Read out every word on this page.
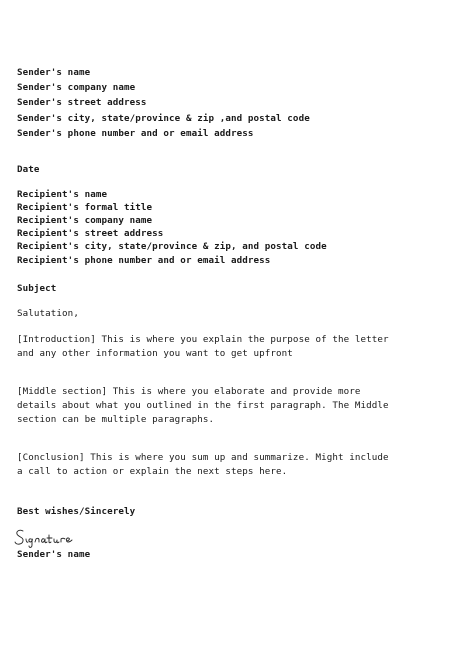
Sender's name
Sender's company name
Sender's street address
Sender's city, state/province & zip ,and postal code
Sender's phone number and or email address
Date
Recipient's name
Recipient's formal title
Recipient's company name
Recipient's street address
Recipient's city, state/province & zip, and postal code
Recipient's phone number and or email address
Subject
Salutation,
[Introduction] This is where you explain the purpose of the letter
and any other information you want to get upfront
[Middle section] This is where you elaborate and provide more
details about what you outlined in the first paragraph. The Middle
section can be multiple paragraphs.
[Conclusion] This is where you sum up and summarize. Might include
a call to action or explain the next steps here.
Best wishes/Sincerely
Sender's name
